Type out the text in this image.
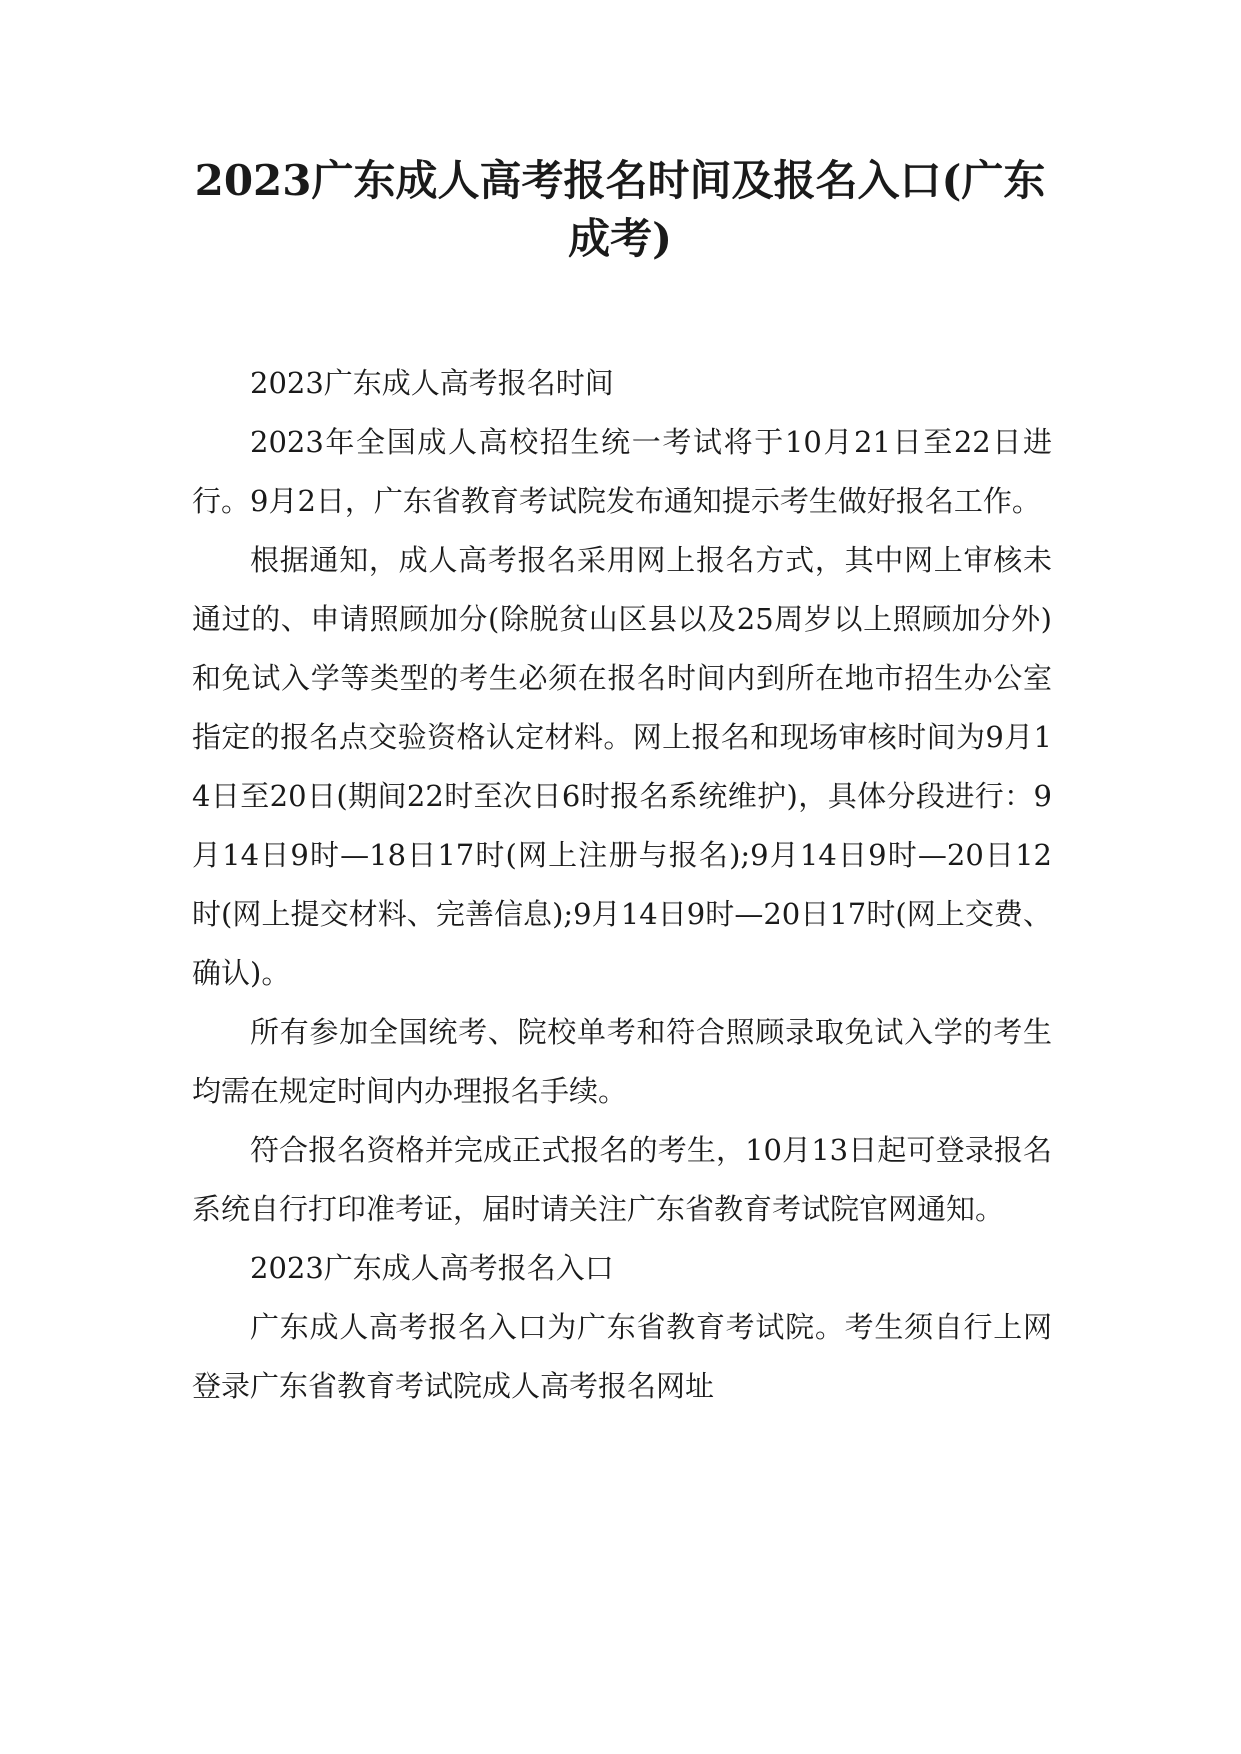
2023广东成人高考报名时间及报名入口(广东成考)

2023广东成人高考报名时间

2023年全国成人高校招生统一考试将于10月21日至22日进行。9月2日，广东省教育考试院发布通知提示考生做好报名工作。

根据通知，成人高考报名采用网上报名方式，其中网上审核未通过的、申请照顾加分(除脱贫山区县以及25周岁以上照顾加分外)和免试入学等类型的考生必须在报名时间内到所在地市招生办公室指定的报名点交验资格认定材料。网上报名和现场审核时间为9月14日至20日(期间22时至次日6时报名系统维护)，具体分段进行：9月14日9时—18日17时(网上注册与报名);9月14日9时—20日12时(网上提交材料、完善信息);9月14日9时—20日17时(网上交费、确认)。

所有参加全国统考、院校单考和符合照顾录取免试入学的考生均需在规定时间内办理报名手续。

符合报名资格并完成正式报名的考生，10月13日起可登录报名系统自行打印准考证，届时请关注广东省教育考试院官网通知。

2023广东成人高考报名入口

广东成人高考报名入口为广东省教育考试院。考生须自行上网登录广东省教育考试院成人高考报名网址
